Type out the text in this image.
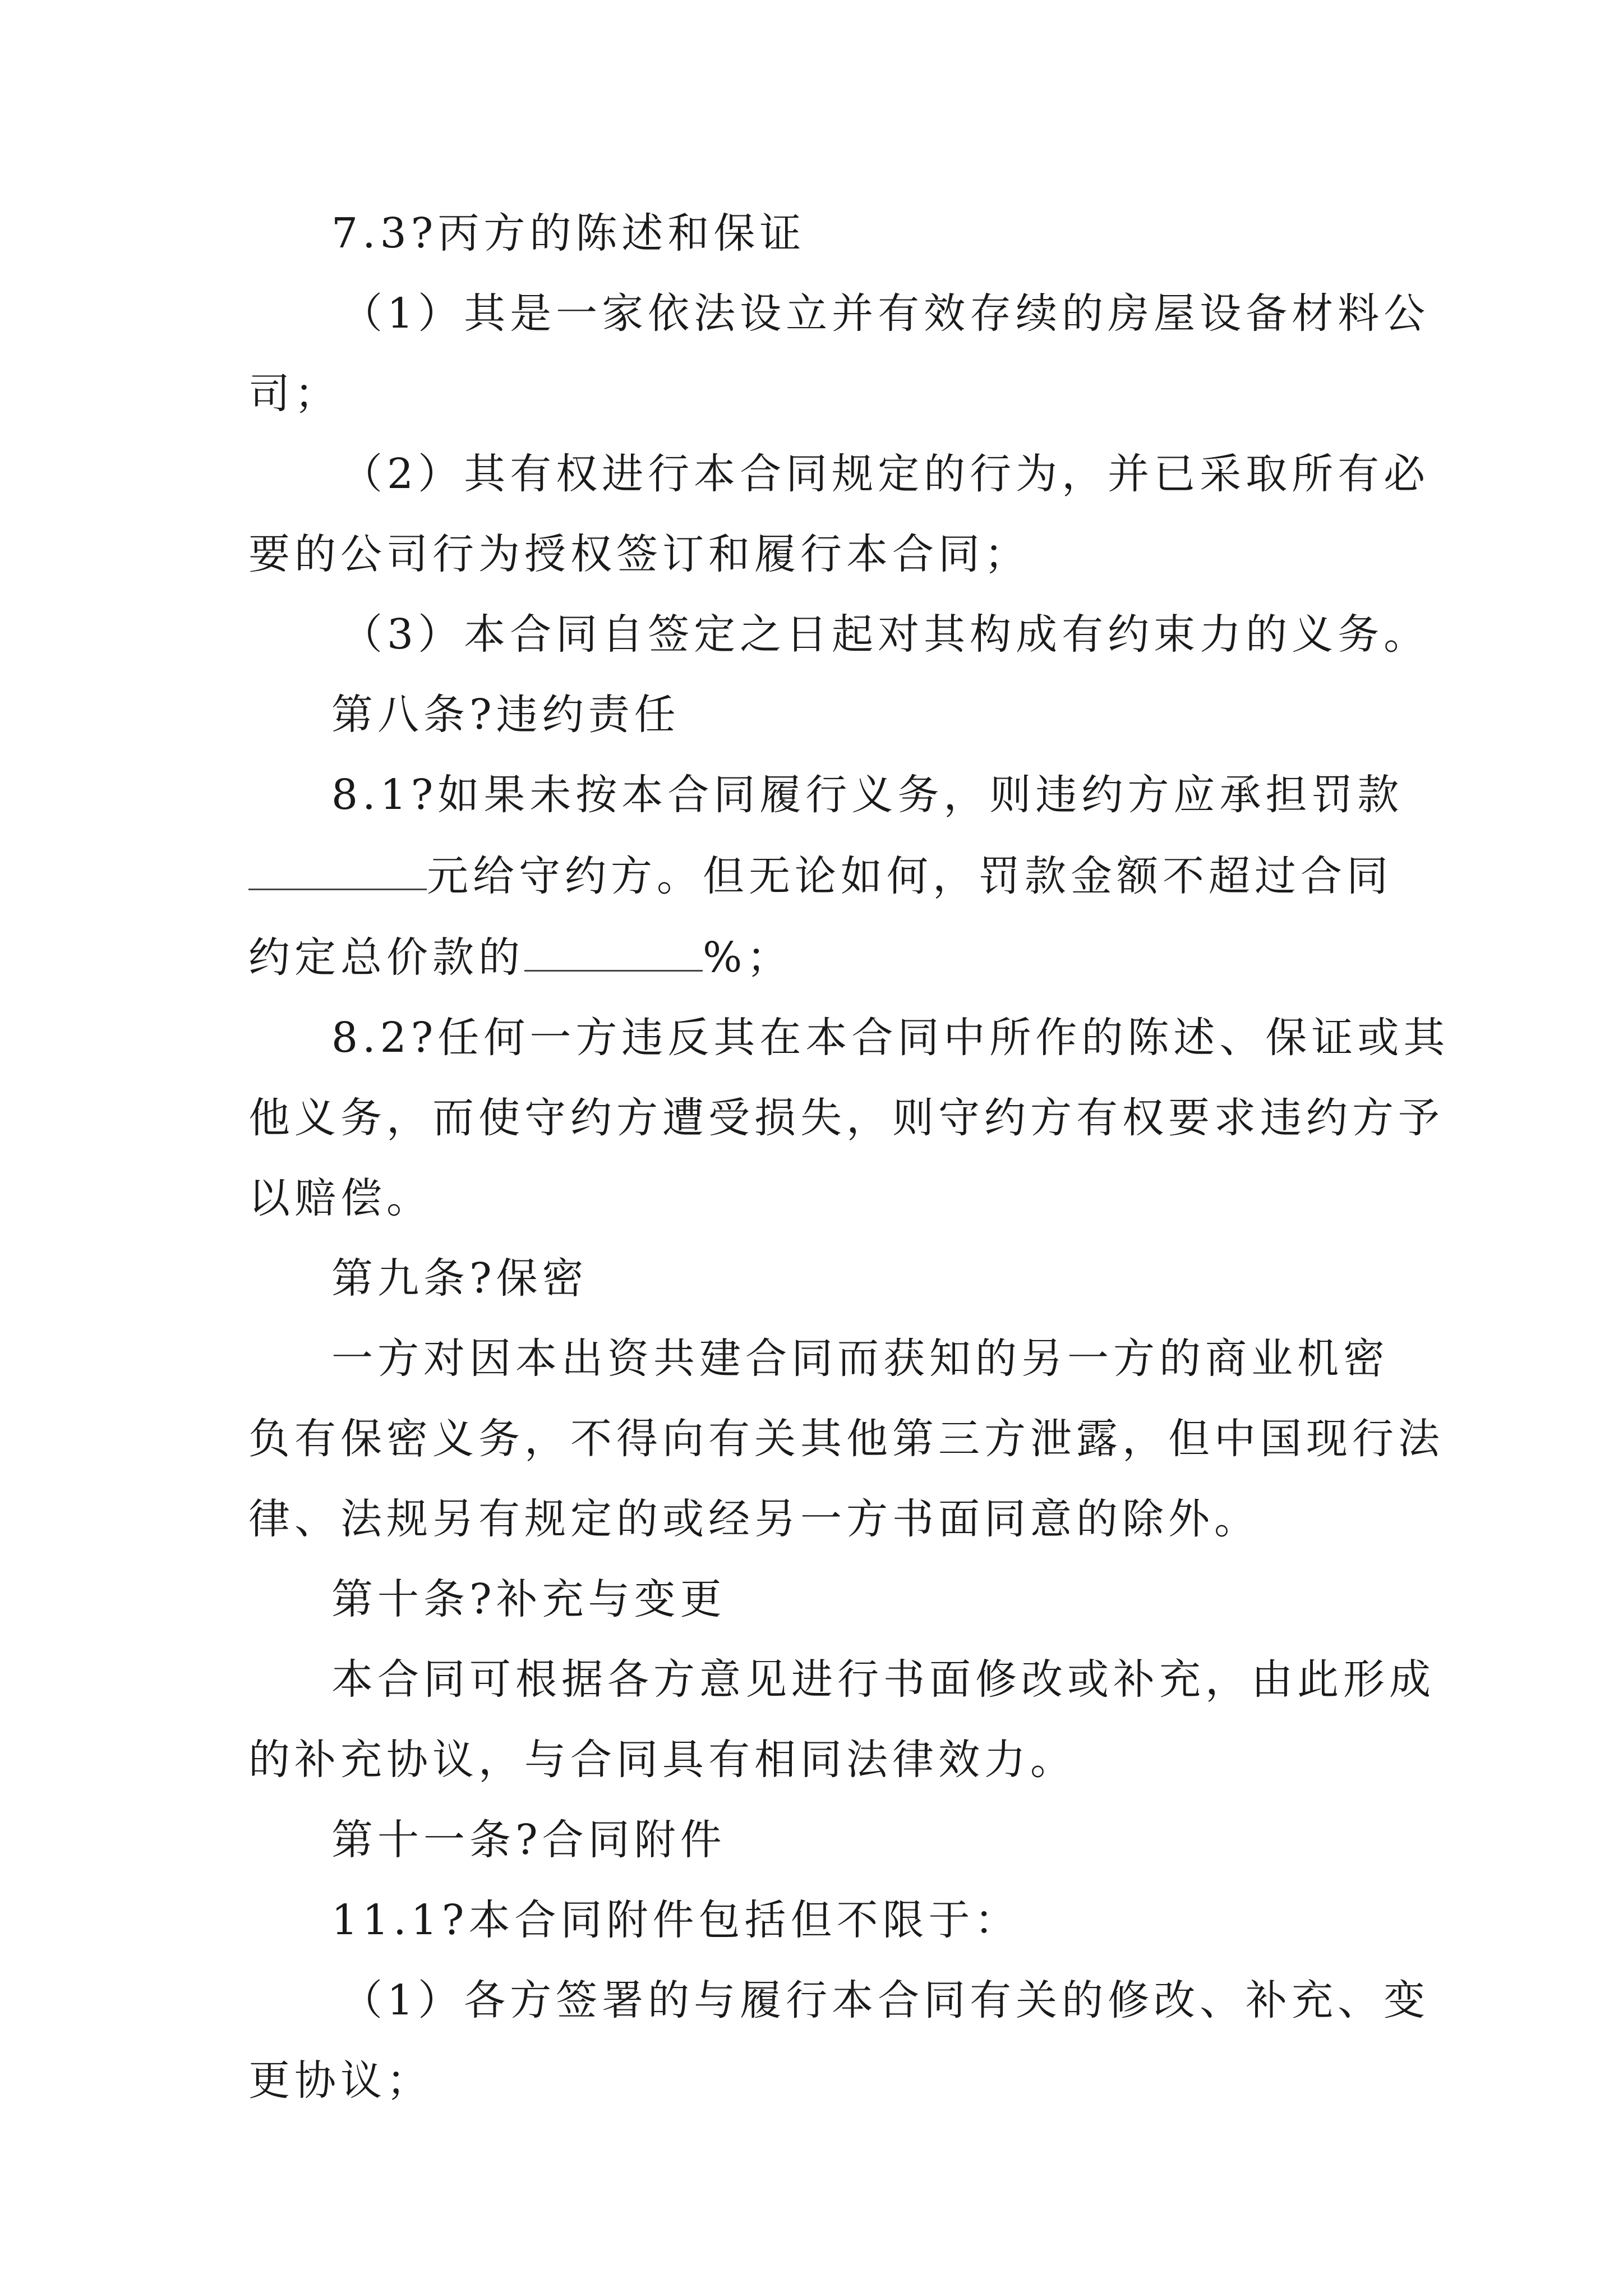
7.3?丙方的陈述和保证

（1）其是一家依法设立并有效存续的房屋设备材料公

司；

（2）其有权进行本合同规定的行为，并已采取所有必

要的公司行为授权签订和履行本合同；

（3）本合同自签定之日起对其构成有约束力的义务。

第八条?违约责任

8.1?如果未按本合同履行义务，则违约方应承担罚款

元给守约方。但无论如何，罚款金额不超过合同

约定总价款的	%；

8.2?任何一方违反其在本合同中所作的陈述、保证或其

他义务，而使守约方遭受损失，则守约方有权要求违约方予

以赔偿。

第九条?保密

一方对因本出资共建合同而获知的另一方的商业机密

负有保密义务，不得向有关其他第三方泄露，但中国现行法

律、法规另有规定的或经另一方书面同意的除外。

第十条?补充与变更

本合同可根据各方意见进行书面修改或补充，由此形成

的补充协议，与合同具有相同法律效力。

第十一条?合同附件

11.1?本合同附件包括但不限于：

（1）各方签署的与履行本合同有关的修改、补充、变

更协议；
